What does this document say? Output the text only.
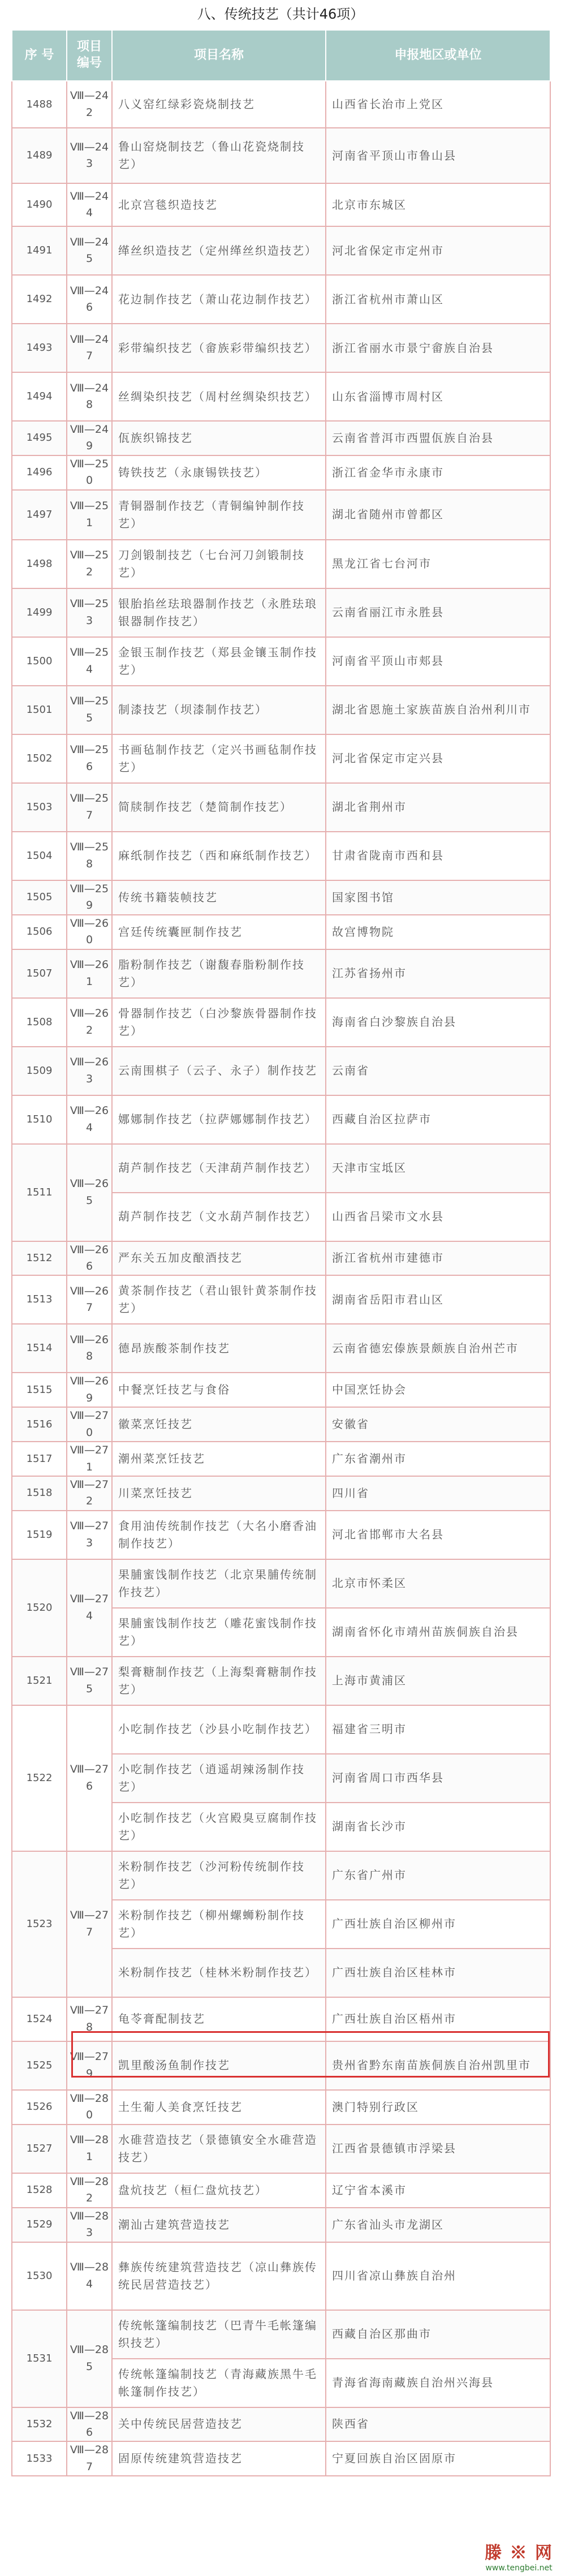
八、传统技艺（共计46项）
序 号	项目
编号	项目名称	申报地区或单位
1488	Ⅷ—242	八义窑红绿彩瓷烧制技艺	山西省长治市上党区
1489	Ⅷ—243	鲁山窑烧制技艺（鲁山花瓷烧制技艺）	河南省平顶山市鲁山县
1490	Ⅷ—244	北京宫毯织造技艺	北京市东城区
1491	Ⅷ—245	缂丝织造技艺（定州缂丝织造技艺）	河北省保定市定州市
1492	Ⅷ—246	花边制作技艺（萧山花边制作技艺）	浙江省杭州市萧山区
1493	Ⅷ—247	彩带编织技艺（畲族彩带编织技艺）	浙江省丽水市景宁畲族自治县
1494	Ⅷ—248	丝绸染织技艺（周村丝绸染织技艺）	山东省淄博市周村区
1495	Ⅷ—249	佤族织锦技艺	云南省普洱市西盟佤族自治县
1496	Ⅷ—250	铸铁技艺（永康锡铁技艺）	浙江省金华市永康市
1497	Ⅷ—251	青铜器制作技艺（青铜编钟制作技艺）	湖北省随州市曾都区
1498	Ⅷ—252	刀剑锻制技艺（七台河刀剑锻制技艺）	黑龙江省七台河市
1499	Ⅷ—253	银胎掐丝珐琅器制作技艺（永胜珐琅银器制作技艺）	云南省丽江市永胜县
1500	Ⅷ—254	金银玉制作技艺（郑县金镶玉制作技艺）	河南省平顶山市郏县
1501	Ⅷ—255	制漆技艺（坝漆制作技艺）	湖北省恩施土家族苗族自治州利川市
1502	Ⅷ—256	书画毡制作技艺（定兴书画毡制作技艺）	河北省保定市定兴县
1503	Ⅷ—257	简牍制作技艺（楚简制作技艺）	湖北省荆州市
1504	Ⅷ—258	麻纸制作技艺（西和麻纸制作技艺）	甘肃省陇南市西和县
1505	Ⅷ—259	传统书籍装帧技艺	国家图书馆
1506	Ⅷ—260	宫廷传统囊匣制作技艺	故宫博物院
1507	Ⅷ—261	脂粉制作技艺（谢馥春脂粉制作技艺）	江苏省扬州市
1508	Ⅷ—262	骨器制作技艺（白沙黎族骨器制作技艺）	海南省白沙黎族自治县
1509	Ⅷ—263	云南围棋子（云子、永子）制作技艺	云南省
1510	Ⅷ—264	娜娜制作技艺（拉萨娜娜制作技艺）	西藏自治区拉萨市
1511	Ⅷ—265	葫芦制作技艺（天津葫芦制作技艺）	天津市宝坻区
		葫芦制作技艺（文水葫芦制作技艺）	山西省吕梁市文水县
1512	Ⅷ—266	严东关五加皮酿酒技艺	浙江省杭州市建德市
1513	Ⅷ—267	黄茶制作技艺（君山银针黄茶制作技艺）	湖南省岳阳市君山区
1514	Ⅷ—268	德昂族酸茶制作技艺	云南省德宏傣族景颇族自治州芒市
1515	Ⅷ—269	中餐烹饪技艺与食俗	中国烹饪协会
1516	Ⅷ—270	徽菜烹饪技艺	安徽省
1517	Ⅷ—271	潮州菜烹饪技艺	广东省潮州市
1518	Ⅷ—272	川菜烹饪技艺	四川省
1519	Ⅷ—273	食用油传统制作技艺（大名小磨香油制作技艺）	河北省邯郸市大名县
1520	Ⅷ—274	果脯蜜饯制作技艺（北京果脯传统制作技艺）	北京市怀柔区
		果脯蜜饯制作技艺（雕花蜜饯制作技艺）	湖南省怀化市靖州苗族侗族自治县
1521	Ⅷ—275	梨膏糖制作技艺（上海梨膏糖制作技艺）	上海市黄浦区
1522	Ⅷ—276	小吃制作技艺（沙县小吃制作技艺）	福建省三明市
		小吃制作技艺（逍遥胡辣汤制作技艺）	河南省周口市西华县
		小吃制作技艺（火宫殿臭豆腐制作技艺）	湖南省长沙市
1523	Ⅷ—277	米粉制作技艺（沙河粉传统制作技艺）	广东省广州市
		米粉制作技艺（柳州螺蛳粉制作技艺）	广西壮族自治区柳州市
		米粉制作技艺（桂林米粉制作技艺）	广西壮族自治区桂林市
1524	Ⅷ—278	龟苓膏配制技艺	广西壮族自治区梧州市
1525	Ⅷ—279	凯里酸汤鱼制作技艺	贵州省黔东南苗族侗族自治州凯里市
1526	Ⅷ—280	土生葡人美食烹饪技艺	澳门特别行政区
1527	Ⅷ—281	水碓营造技艺（景德镇安全水碓营造技艺）	江西省景德镇市浮梁县
1528	Ⅷ—282	盘炕技艺（桓仁盘炕技艺）	辽宁省本溪市
1529	Ⅷ—283	潮汕古建筑营造技艺	广东省汕头市龙湖区
1530	Ⅷ—284	彝族传统建筑营造技艺（凉山彝族传统民居营造技艺）	四川省凉山彝族自治州
1531	Ⅷ—285	传统帐篷编制技艺（巴青牛毛帐篷编织技艺）	西藏自治区那曲市
		传统帐篷编制技艺（青海藏族黑牛毛帐篷制作技艺）	青海省海南藏族自治州兴海县
1532	Ⅷ—286	关中传统民居营造技艺	陕西省
1533	Ⅷ—287	固原传统建筑营造技艺	宁夏回族自治区固原市
滕 ※ 网
www.tengbei.net
